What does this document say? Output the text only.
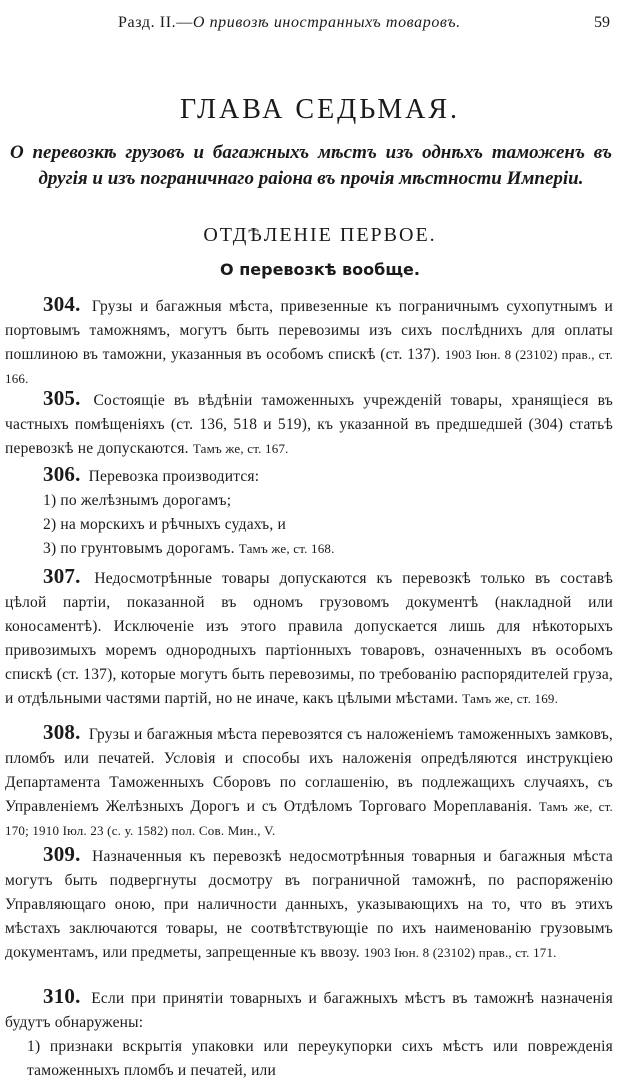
Разд. II.—О привозѣ иностранныхъ товаровъ.	59
ГЛАВА СЕДЬМАЯ.
О перевозкѣ грузовъ и багажныхъ мѣстъ изъ однѣхъ таможенъ въ другія и изъ пограничнаго раіона въ прочія мѣстности Имперіи.
ОТДѢЛЕНІЕ ПЕРВОЕ.
О перевозкѣ вообще.
304. Грузы и багажныя мѣста, привезенные къ пограничнымъ сухопутнымъ и портовымъ таможнямъ, могутъ быть перевозимы изъ сихъ послѣднихъ для оплаты пошлиною въ таможни, указанныя въ особомъ спискѣ (ст. 137). 1903 Іюн. 8 (23102) прав., ст. 166.
305. Состоящіе въ вѣдѣніи таможенныхъ учрежденій товары, хранящіеся въ частныхъ помѣщеніяхъ (ст. 136, 518 и 519), къ указанной въ предшедшей (304) статьѣ перевозкѣ не допускаются. Тамъ же, ст. 167.
306. Перевозка производится:
1) по желѣзнымъ дорогамъ;
2) на морскихъ и рѣчныхъ судахъ, и
3) по грунтовымъ дорогамъ. Тамъ же, ст. 168.
307. Недосмотрѣнные товары допускаются къ перевозкѣ только въ составѣ цѣлой партіи, показанной въ одномъ грузовомъ документѣ (накладной или коносаментѣ). Исключеніе изъ этого правила допускается лишь для нѣкоторыхъ привозимыхъ моремъ однородныхъ партіонныхъ товаровъ, означенныхъ въ особомъ спискѣ (ст. 137), которые могутъ быть перевозимы, по требованію распорядителей груза, и отдѣльными частями партій, но не иначе, какъ цѣлыми мѣстами. Тамъ же, ст. 169.
308. Грузы и багажныя мѣста перевозятся съ наложеніемъ таможенныхъ замковъ, пломбъ или печатей. Условія и способы ихъ наложенія опредѣляются инструкціею Департамента Таможенныхъ Сборовъ по соглашенію, въ подлежащихъ случаяхъ, съ Управленіемъ Желѣзныхъ Дорогъ и съ Отдѣломъ Торговаго Мореплаванія. Тамъ же, ст. 170; 1910 Іюл. 23 (с. у. 1582) пол. Сов. Мин., V.
309. Назначенныя къ перевозкѣ недосмотрѣнныя товарныя и багажныя мѣста могутъ быть подвергнуты досмотру въ пограничной таможнѣ, по распоряженію Управляющаго оною, при наличности данныхъ, указывающихъ на то, что въ этихъ мѣстахъ заключаются товары, не соотвѣтствующіе по ихъ наименованію грузовымъ документамъ, или предметы, запрещенные къ ввозу. 1903 Іюн. 8 (23102) прав., ст. 171.
310. Если при принятіи товарныхъ и багажныхъ мѣстъ въ таможнѣ назначенія будутъ обнаружены:
1) признаки вскрытія упаковки или переукупорки сихъ мѣстъ или поврежденія таможенныхъ пломбъ и печатей, или
